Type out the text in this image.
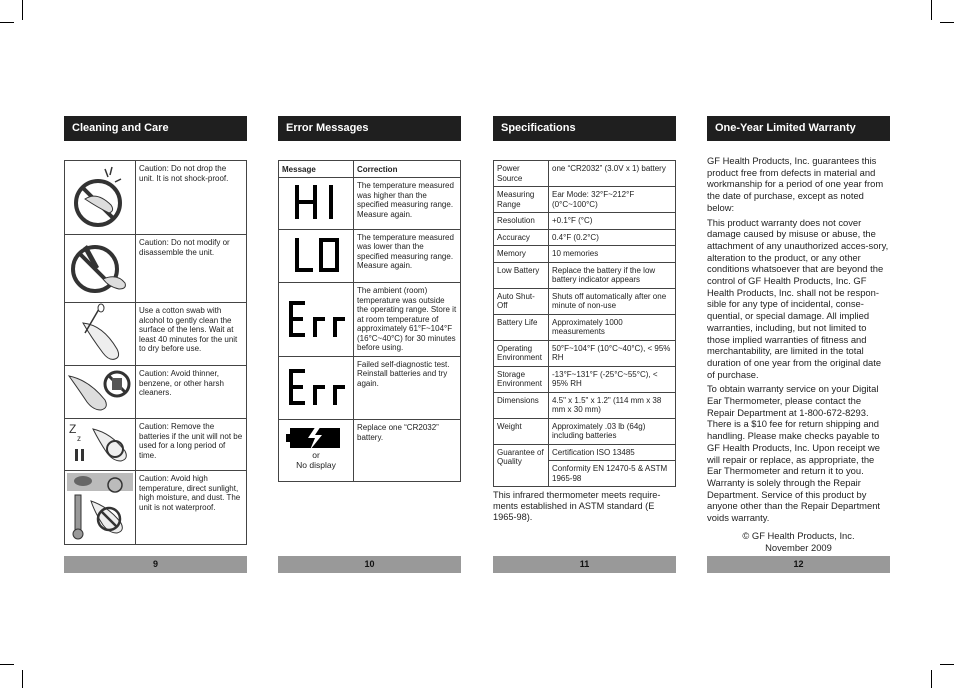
Cleaning and Care
	Caution: Do not drop the unit. It is not shock-proof.

	Caution: Do not modify or disassemble the unit.

	Use a cotton swab with alcohol to gently clean the surface of the lens. Wait at least 40 minutes for the unit to dry before use.

	Caution: Avoid thinner, benzene, or other harsh cleaners.

Z
z	Caution: Remove the batteries if the unit will not be used for a long period of time.

	Caution: Avoid high temperature, direct sunlight, high moisture, and dust. The unit is not waterproof.
9
Error Messages
Message	Correction
	The temperature measured was higher than the specified measuring range. Measure again.
	The temperature measured was lower than the specified measuring range. Measure again.
	The ambient (room) temperature was outside the operating range. Store it at room temperature of approximately 61°F~104°F (16°C~40°C) for 30 minutes before using.
	Failed self-diagnostic test. Reinstall batteries and try again.

or
No display	Replace one “CR2032” battery.
10
Specifications
Power Source	one “CR2032” (3.0V x 1) battery
Measuring Range	Ear Mode: 32°F~212°F (0°C~100°C)
Resolution	+0.1°F (°C)
Accuracy	0.4°F (0.2°C)
Memory	10 memories
Low Battery	Replace the battery if the low battery indicator appears
Auto Shut-Off	Shuts off automatically after one minute of non-use
Battery Life	Approximately 1000 measurements
Operating Environment	50°F~104°F (10°C~40°C), < 95% RH
Storage Environment	-13°F~131°F (-25°C~55°C), < 95% RH
Dimensions	4.5" x 1.5" x 1.2" (114 mm x 38 mm x 30 mm)
Weight	Approximately .03 lb (64g) including batteries
Guarantee of Quality	Certification ISO 13485
	Conformity EN 12470-5 & ASTM 1965-98
This infrared thermometer meets require-ments established in ASTM standard (E 1965-98).
11
One-Year Limited Warranty

GF Health Products, Inc. guarantees this product free from defects in material and workmanship for a period of one year from the date of purchase, except as noted below:

This product warranty does not cover damage caused by misuse or abuse, the attachment of any unauthorized acces-sory, alteration to the product, or any other conditions whatsoever that are beyond the control of GF Health Products, Inc. GF Health Products, Inc. shall not be respon-sible for any type of incidental, conse-quential, or special damage. All implied warranties, including, but not limited to those implied warranties of fitness and merchantability, are limited in the total duration of one year from the original date of purchase.

To obtain warranty service on your Digital Ear Thermometer, please contact the Repair Department at 1-800-672-8293. There is a $10 fee for return shipping and handling. Please make checks payable to GF Health Products, Inc. Upon receipt we will repair or replace, as appropriate, the Ear Thermometer and return it to you. Warranty is solely through the Repair Department. Service of this product by anyone other than the Repair Department voids warranty.

© GF Health Products, Inc.
November 2009
12
